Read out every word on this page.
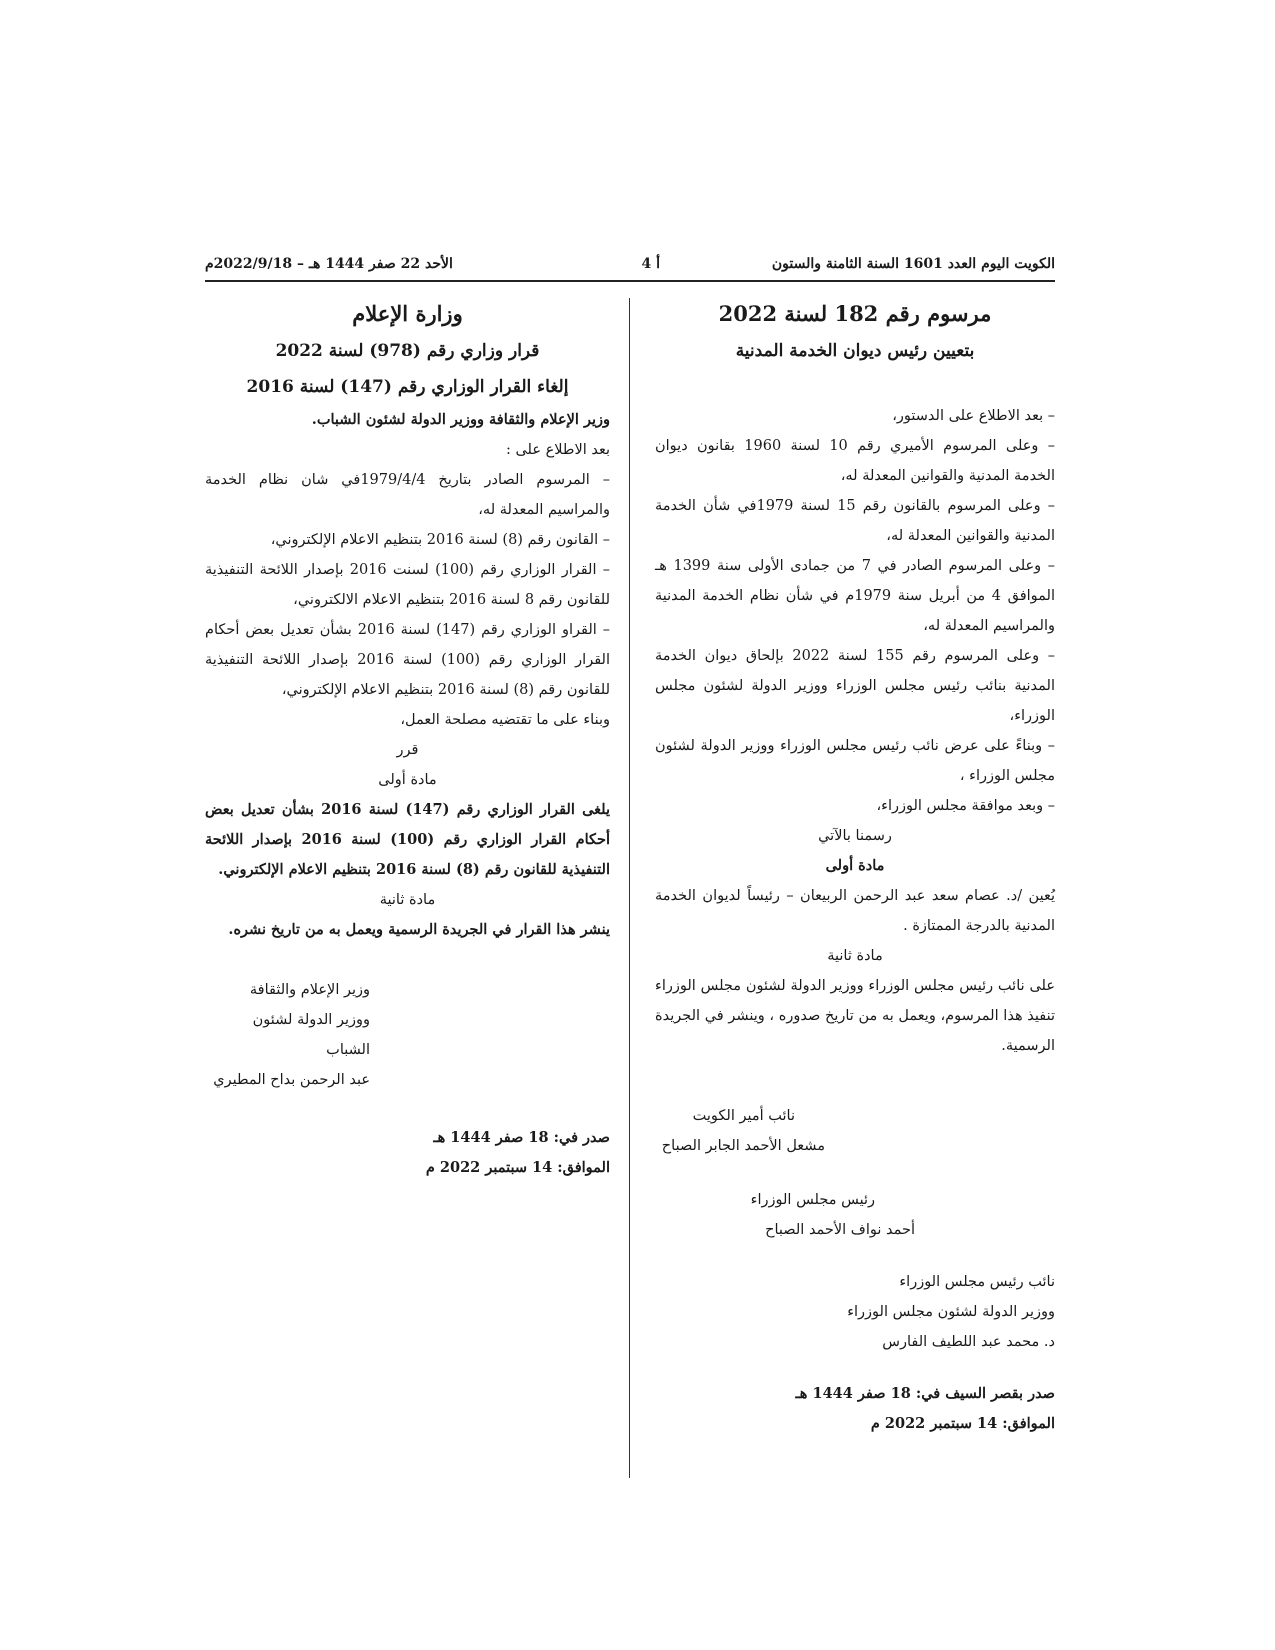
الكويت اليوم العدد 1601 السنة الثامنة والستون
أ 4
الأحد 22 صفر 1444 هـ – 2022/9/18م
مرسوم رقم 182 لسنة 2022
بتعيين رئيس ديوان الخدمة المدنية

– بعد الاطلاع على الدستور،

– وعلى المرسوم الأميري رقم 10 لسنة 1960 بقانون ديوان الخدمة المدنية والقوانين المعدلة له،

– وعلى المرسوم بالقانون رقم 15 لسنة 1979في شأن الخدمة المدنية والقوانين المعدلة له،

– وعلى المرسوم الصادر في 7 من جمادى الأولى سنة 1399 هـ الموافق 4 من أبريل سنة 1979م في شأن نظام الخدمة المدنية والمراسيم المعدلة له،

– وعلى المرسوم رقم 155 لسنة 2022 بإلحاق ديوان الخدمة المدنية بنائب رئيس مجلس الوزراء ووزير الدولة لشئون مجلس الوزراء،

– وبناءً على عرض نائب رئيس مجلس الوزراء ووزير الدولة لشئون مجلس الوزراء ،

– وبعد موافقة مجلس الوزراء،

رسمنا بالآتي

مادة أولى

يُعين /د. عصام سعد عبد الرحمن الربيعان – رئيساً لديوان الخدمة المدنية بالدرجة الممتازة .

مادة ثانية

على نائب رئيس مجلس الوزراء ووزير الدولة لشئون مجلس الوزراء تنفيذ هذا المرسوم، ويعمل به من تاريخ صدوره ، وينشر في الجريدة الرسمية.

نائب أمير الكويت

مشعل الأحمد الجابر الصباح

رئيس مجلس الوزراء

أحمد نواف الأحمد الصباح

نائب رئيس مجلس الوزراء

ووزير الدولة لشئون مجلس الوزراء

د. محمد عبد اللطيف الفارس

صدر بقصر السيف في: 18 صفر 1444 هـ

الموافق: 14 سبتمبر 2022 م

وزارة الإعلام
قرار وزاري رقم (978) لسنة 2022
إلغاء القرار الوزاري رقم (147) لسنة 2016

وزير الإعلام والثقافة ووزير الدولة لشئون الشباب.

بعد الاطلاع على :

– المرسوم الصادر بتاريخ 1979/4/4في شان نظام الخدمة والمراسيم المعدلة له،

– القانون رقم (8) لسنة 2016 بتنظيم الاعلام الإلكتروني،

– القرار الوزاري رقم (100) لسنت 2016 بإصدار اللائحة التنفيذية للقانون رقم 8 لسنة 2016 بتنظيم الاعلام الالكتروني،

– القراو الوزاري رقم (147) لسنة 2016 بشأن تعديل بعض أحكام القرار الوزاري رقم (100) لسنة 2016 بإصدار اللائحة التنفيذية للقانون رقم (8) لسنة 2016 بتنظيم الاعلام الإلكتروني،

وبناء على ما تقتضيه مصلحة العمل،

قرر

مادة أولى

يلغى القرار الوزاري رقم (147) لسنة 2016 بشأن تعديل بعض أحكام القرار الوزاري رقم (100) لسنة 2016 بإصدار اللائحة التنفيذية للقانون رقم (8) لسنة 2016 بتنظيم الاعلام الإلكتروني.

مادة ثانية

ينشر هذا القرار في الجريدة الرسمية ويعمل به من تاريخ نشره.

وزير الإعلام والثقافة

ووزير الدولة لشئون الشباب

عبد الرحمن بداح المطيري

صدر في: 18 صفر 1444 هـ

الموافق: 14 سبتمبر 2022 م
